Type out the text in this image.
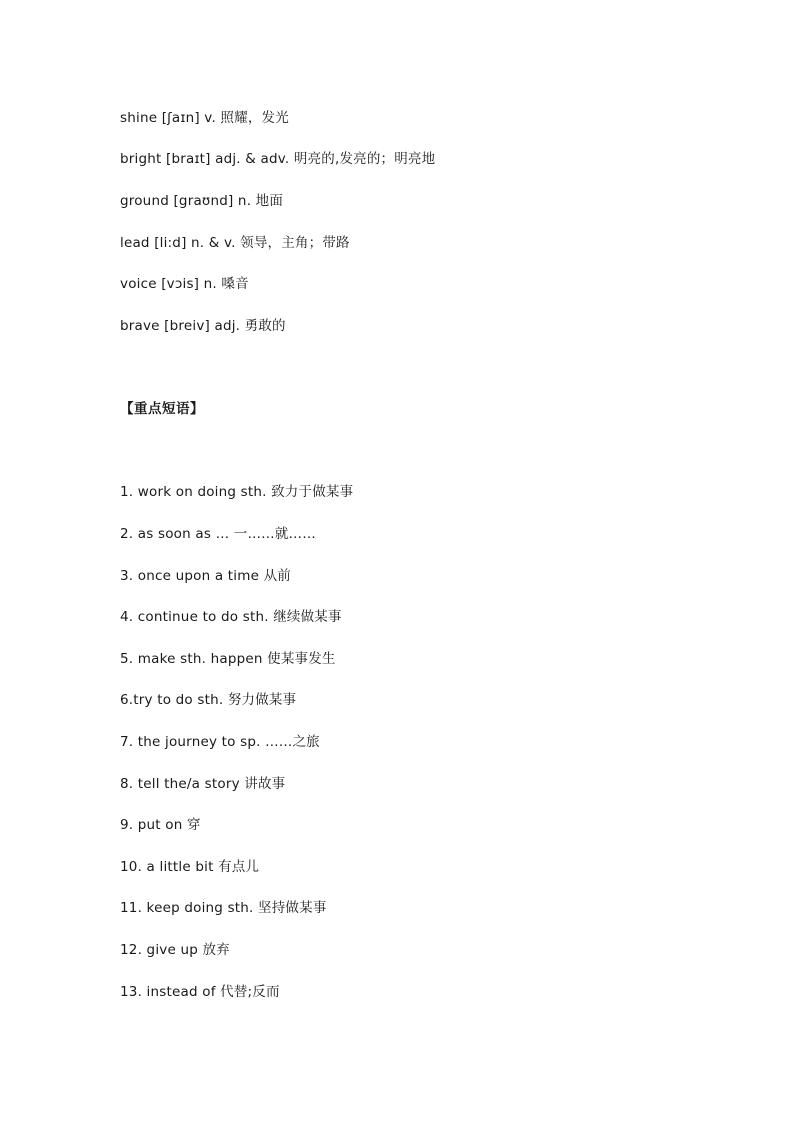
shine [ʃaɪn] v. 照耀，发光
bright [braɪt] adj. & adv. 明亮的,发亮的；明亮地
ground [graʊnd] n. 地面
lead [li:d] n. & v. 领导，主角；带路
voice [vɔis] n. 嗓音
brave [breiv] adj. 勇敢的
【重点短语】
1. work on doing sth. 致力于做某事
2. as soon as … 一……就……
3. once upon a time 从前
4. continue to do sth. 继续做某事
5. make sth. happen 使某事发生
6.try to do sth. 努力做某事
7. the journey to sp. ……之旅
8. tell the/a story 讲故事
9. put on 穿
10. a little bit 有点儿
11. keep doing sth. 坚持做某事
12. give up 放弃
13. instead of 代替;反而
